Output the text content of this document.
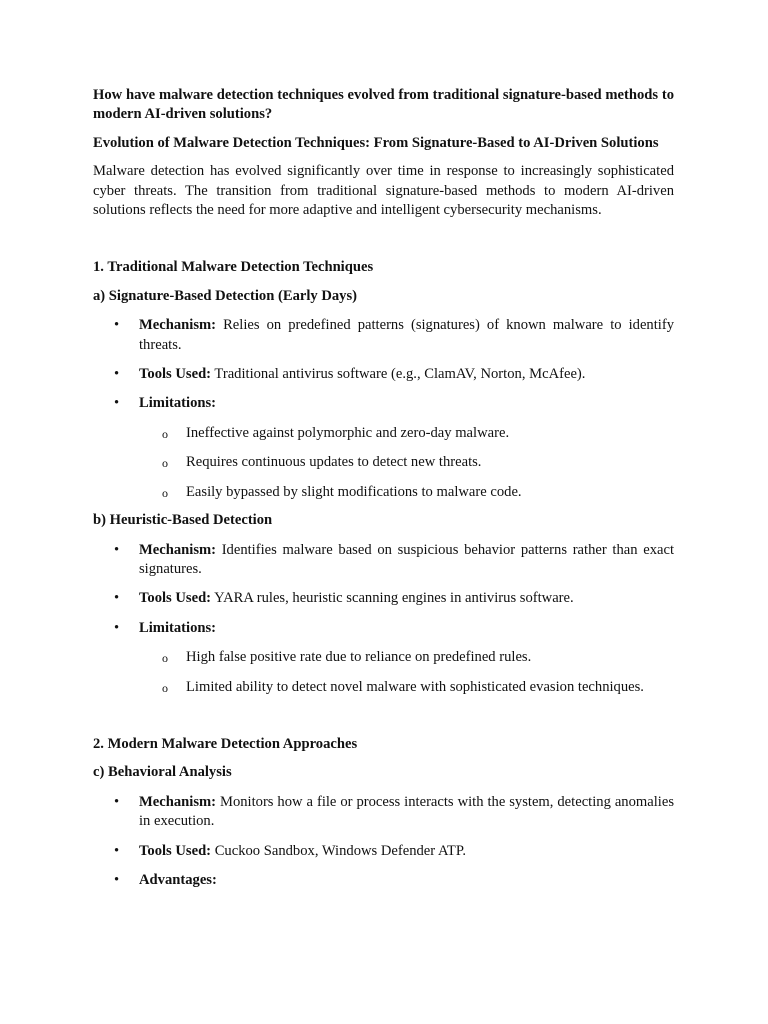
How have malware detection techniques evolved from traditional signature-based methods to modern AI-driven solutions?

Evolution of Malware Detection Techniques: From Signature-Based to AI-Driven Solutions

Malware detection has evolved significantly over time in response to increasingly sophisticated cyber threats. The transition from traditional signature-based methods to modern AI-driven solutions reflects the need for more adaptive and intelligent cybersecurity mechanisms.

1. Traditional Malware Detection Techniques

a) Signature-Based Detection (Early Days)

• Mechanism: Relies on predefined patterns (signatures) of known malware to identify threats.
• Tools Used: Traditional antivirus software (e.g., ClamAV, Norton, McAfee).
• Limitations:
o Ineffective against polymorphic and zero-day malware.
o Requires continuous updates to detect new threats.
o Easily bypassed by slight modifications to malware code.

b) Heuristic-Based Detection

• Mechanism: Identifies malware based on suspicious behavior patterns rather than exact signatures.
• Tools Used: YARA rules, heuristic scanning engines in antivirus software.
• Limitations:
o High false positive rate due to reliance on predefined rules.
o Limited ability to detect novel malware with sophisticated evasion techniques.

2. Modern Malware Detection Approaches

c) Behavioral Analysis

• Mechanism: Monitors how a file or process interacts with the system, detecting anomalies in execution.
• Tools Used: Cuckoo Sandbox, Windows Defender ATP.
• Advantages:
